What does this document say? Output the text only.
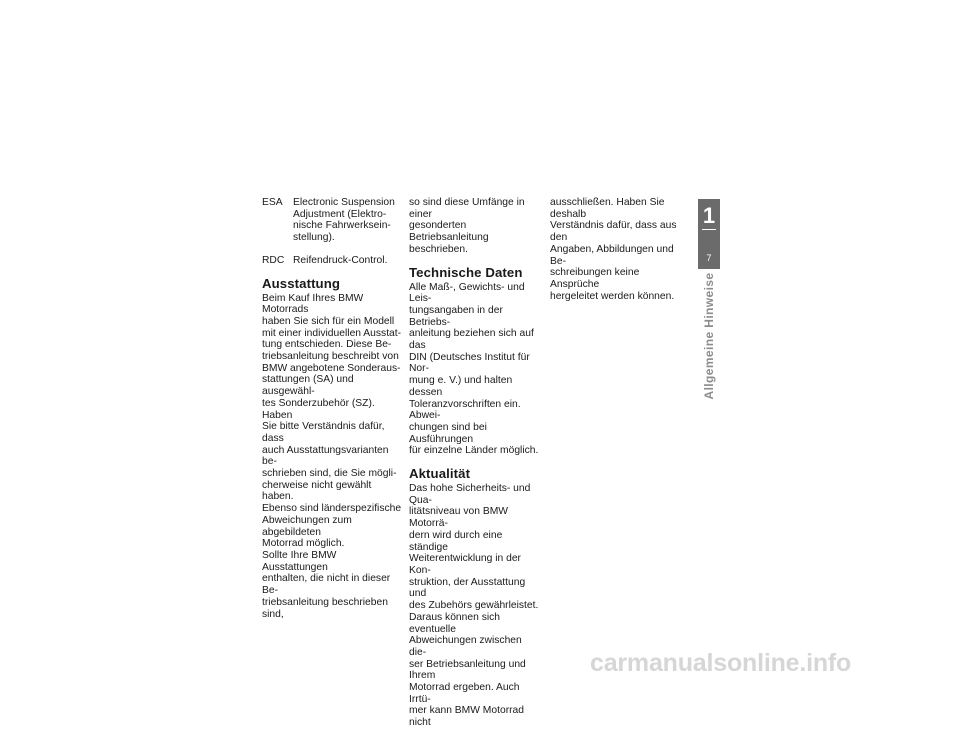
ESA	Electronic Suspension
Adjustment (Elektro-
nische Fahrwerksein-
stellung).
RDC Reifendruck-Control.
Ausstattung

Beim Kauf Ihres BMW Motorrads
haben Sie sich für ein Modell
mit einer individuellen Ausstat-
tung entschieden. Diese Be-
triebsanleitung beschreibt von
BMW angebotene Sonderaus-
stattungen (SA) und ausgewähl-
tes Sonderzubehör (SZ). Haben
Sie bitte Verständnis dafür, dass
auch Ausstattungsvarianten be-
schrieben sind, die Sie mögli-
cherweise nicht gewählt haben.
Ebenso sind länderspezifische
Abweichungen zum abgebildeten
Motorrad möglich.
Sollte Ihre BMW Ausstattungen
enthalten, die nicht in dieser Be-
triebsanleitung beschrieben sind,

so sind diese Umfänge in einer
gesonderten Betriebsanleitung
beschrieben.

Technische Daten

Alle Maß-, Gewichts- und Leis-
tungsangaben in der Betriebs-
anleitung beziehen sich auf das
DIN (Deutsches Institut für Nor-
mung e. V.) und halten dessen
Toleranzvorschriften ein. Abwei-
chungen sind bei Ausführungen
für einzelne Länder möglich.

Aktualität

Das hohe Sicherheits- und Qua-
litätsniveau von BMW Motorrä-
dern wird durch eine ständige
Weiterentwicklung in der Kon-
struktion, der Ausstattung und
des Zubehörs gewährleistet.
Daraus können sich eventuelle
Abweichungen zwischen die-
ser Betriebsanleitung und Ihrem
Motorrad ergeben. Auch Irrtü-
mer kann BMW Motorrad nicht

ausschließen. Haben Sie deshalb
Verständnis dafür, dass aus den
Angaben, Abbildungen und Be-
schreibungen keine Ansprüche
hergeleitet werden können.

1
7
Allgemeine Hinweise
carmanualsonline.info
